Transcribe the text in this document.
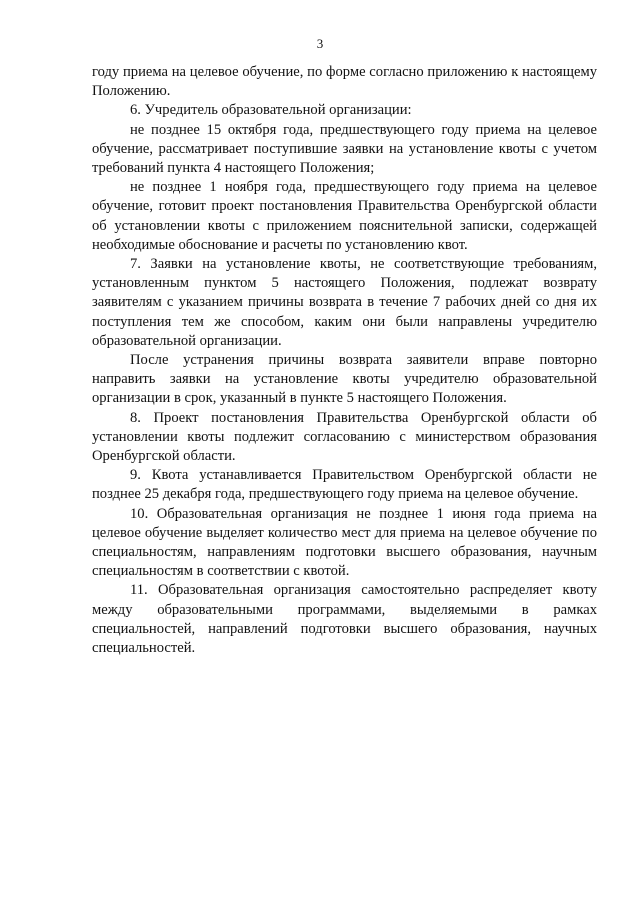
3

году приема на целевое обучение, по форме согласно приложению к настоящему Положению.

6. Учредитель образовательной организации:

не позднее 15 октября года, предшествующего году приема на целевое обучение, рассматривает поступившие заявки на установление квоты с учетом требований пункта 4 настоящего Положения;

не позднее 1 ноября года, предшествующего году приема на целевое обучение, готовит проект постановления Правительства Оренбургской области об установлении квоты с приложением пояснительной записки, содержащей необходимые обоснование и расчеты по установлению квот.

7. Заявки на установление квоты, не соответствующие требованиям, установленным пунктом 5 настоящего Положения, подлежат возврату заявителям с указанием причины возврата в течение 7 рабочих дней со дня их поступления тем же способом, каким они были направлены учредителю образовательной организации.

После устранения причины возврата заявители вправе повторно направить заявки на установление квоты учредителю образовательной организации в срок, указанный в пункте 5 настоящего Положения.

8. Проект постановления Правительства Оренбургской области об установлении квоты подлежит согласованию с министерством образования Оренбургской области.

9. Квота устанавливается Правительством Оренбургской области не позднее 25 декабря года, предшествующего году приема на целевое обучение.

10. Образовательная организация не позднее 1 июня года приема на целевое обучение выделяет количество мест для приема на целевое обучение по специальностям, направлениям подготовки высшего образования, научным специальностям в соответствии с квотой.

11. Образовательная организация самостоятельно распределяет квоту между образовательными программами, выделяемыми в рамках специальностей, направлений подготовки высшего образования, научных специальностей.
